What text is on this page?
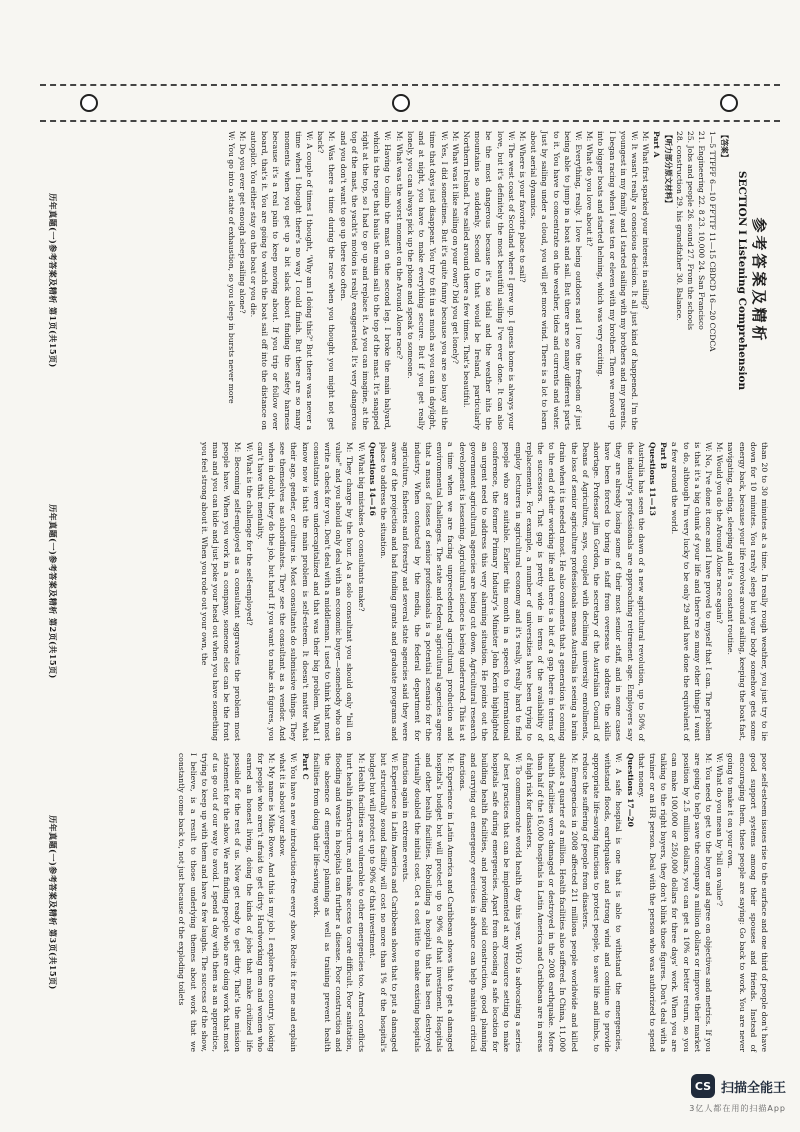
参考答案及精析
SECTION I Listening Comprehension

【答案】

1—5 TTFFF 6—10 FFTTF 11—15 CBDCD 16—20 CCDCA

21. Engineering 22. 8 23. 10,000 24. San Francisco

25. Jobs and people 26. sound 27. From the schools

28. construction 29. his grandfather 30. Balance.

【听力部分原文材料】

Part A

M: What first sparked your interest in sailing?

W: It wasn't really a conscious decision. It all just kind of happened. I'm the youngest in my family and I started sailing with my brothers and my parents. I began racing when I was ten or eleven with my brother. Then we moved up into bigger boats and started helming, which was very exciting.

M: What do you love about it?

W: Everything, really. I love being outdoors and I love the freedom of just being able to jump in a boat and sail. But there are so many different parts to it. You have to concentrate on the weather, tides and currents and water. Just by sailing under a cloud, you will get more wind. There is a lot to learn about aerial dynamics.

M: Where is your favorite place to sail?

W: The west coast of Scotland where I grew up. I guess home is always your love, but it's definitely the most beautiful sailing I've ever done. It can also be the most dangerous because it's so tidal and the weather hits the mountains so suddenly. Second to that would be Ireland, particularly Northern Ireland. I've sailed around there a few times. That's beautiful.

M: What was it like sailing on your own? Did you get lonely?

W: Yes, I did sometimes. But it's quite funny because you are so busy all the time that days just disappear. You try to fit in as much as you can in daylight, and at night, you have to make everything secure. But if you get really lonely, you can always pick up the phone and speak to someone.

M: What was the worst moment on the Around Alone race?

W: Having to climb the mast on the second leg. I broke the main halyard, which is the rope that hauls the main sail to the top of the mast. It's snapped right at the top, so I had to go up and replace it. As you can imagine, at the top of the mast, the yacht's motion is really exaggerated. It's very dangerous and you don't want to go up there too often.

M: Was there a time during the race when you thought you might not get back?

W: A couple of times I thought, 'Why am I doing this?' But there was never a time when I thought there's no way I could finish. But there are so many moments when you get up a bit slack about finding the safety harness because it's a real pain to keep moving about. If you trip or follow over board, that's it. You are going to watch the boat sail off into the distance on autopilot. You either stay on the boat or you die.

M: Do you ever get enough sleep sailing alone?

W: You go into a state of exhaustion, so you sleep in bursts never more

历年真题(一)参考答案及精析 第1页(共15页)

than 20 to 30 minutes at a time. In really rough weather, you just try to lie down for 10 minutes. You rarely sleep but your body somehow gets some energy back, because your life revolves around sailing, keeping the boat fast, navigating, eating, sleeping and it's a constant routine.

M: Would you do the Around Alone race again?

W: No, I've done it once and I have proved to myself that I can. The problem is that it's a big chunk of your life and there're so many other things I want to do, although I'm very lucky to be only 29 and have done the equivalent of a few around the world.

Part B

Questions 11—13

Australia has seen the dawn of a new agricultural revolution, up to 50% of the industry's professionals are approaching retirement age. Employers say they are already losing some of their most senior staff, and in some cases have been forced to bring in staff from overseas to address the skills shortage. Professor Jim Gordon, the secretary of the Australian Council of Deans of Agriculture, says, coupled with declining university enrollments, the loss of senior agriculture professionals means Australia is seeing a brain drain when it is needed most. He also comments that a generation is coming to the end of their working life and there is a bit of a gap there in terms of the successors. That gap is pretty wide in terms of the availability of replacements. For example, a number of universities have been trying to employ lecturers in agricultural economy and it's really, really hard to find people who are suitable. Earlier this month in a speech to international conference, the former Primary Industry's Minister John Kerin highlighted an urgent need to address this very alarming situation. He points out the government agricultural agencies are being cut down. Agricultural research development is lessening. Agricultural science is being underrated. This is at a time when we are facing unprecedented agricultural production and environmental challenges. The state and federal agricultural agencies agree that a mass of losses of senior professionals is a potential scenario for the industry. When contacted by the media, the federal department for agriculture, fisheries and forestry and several state agencies said they were aware of the projection and had funding grants and graduate programs and place to address the situation.

Questions 14—16

W: What big mistakes do consultants make?

M: They charge by the hour. As a solo consultant you should only "bill on value" and you should only deal with an economic buyer—somebody who can write a check for you. Don't deal with a middleman. I used to think that most consultants were undercapitalized and that was their big problem. What I know now is that the main problem is self-esteem. It doesn't matter what their age, gender, or culture is. Most consultants do submissive things. They see themselves as subordinates. They see the consultant as a vendor. And when in doubt, they do the job, but hard. If you want to make six figures, you can't have that mentality.

W: What is the challenge for the self-employed?

M: Becoming self-employed as a consultant aggravates the problem most people have. When you work in a company, someone else can be the front man and you can hide and just poke your head out when you have something you feel strong about it. When you rode out your own, the

历年真题(一)参考答案及精析 第2页(共15页)

poor self-esteem issues rise to the surface and one third of people don't have good support systems among their spouses and friends. Instead of encouraging them, these people are saying: Go back to work. You are never going to make it on your own.

W: What do you mean by 'bill on value'?

M: You need to get to the buyer and agree on objectives and metrics. If you are going to help save the company a million dollars or improve their market position by 2.5 million dollars, you can get a 10% or better return, so you can make 100,000 or 250,000 dollars for three days' work. When you are talking to the right buyers, they don't blink those figures. Don't deal with a trainer or an HR person. Deal with the person who was authorized to spend that money.

Questions 17—20

W: A safe hospital is one that is able to withstand the emergencies, withstand floods, earthquakes and strong wind and continue to provide appropriate life-saving functions to protect people, to save life and limbs, to reduce the suffering of people from disasters.

M: Emergencies in 2008 affected 211 millions people worldwide and killed almost a quarter of a million. Health facilities also suffered. In China, 11,000 health facilities were damaged or destroyed in the 2008 earthquake. More than half of the 16,000 hospitals in Latin America and Caribbean are in areas of high risk for disasters.

W: To commemorate world health day this year, WHO is advocating a series of best practices that can be implemented at any resource setting to make hospitals safe during emergencies. Apart from choosing a safe location for building health facilities, and providing solid construction, good planning and carrying out emergency exercises in advance can help maintain critical functions.

M: Experience in Latin America and Caribbean shows that to get a damaged hospital's budget but will protect up to 90% of that investment. Hospitals and other health facilities. Rebuilding a hospital that has been destroyed virtually doubled the initial cost. Get a cost little to make existing hospitals function again in extreme events.

W: Experience in Latin America and Caribbean shows that to put a damaged but structurally sound facility will cost no more than 1% of the hospital's budget but will protect up to 90% of that investment.

M: Health facilities are vulnerable to other emergencies too. Armed conflicts hurt health infrastructure, and make access to care difficult. Poor sanitation, flooding and waste in hospitals can further a disease. Poor construction and the absence of emergency planning as well as training prevent health facilities from doing their life-saving work.

Part C

W: You have a new introduction-free every show. Recite it for me and explain what it is about your show.

M: My name is Mike Rowe. And this is my job. I explore the country, looking for people who aren't afraid to get dirty. Hardworking men and women who earned an honest living, doing the kinds of jobs that make civilized life possible for the rest of us. Now get ready to get dirty. That's the mission statement for the show. We are finding people who are doing work that most of us go out of our way to avoid. I spend a day with them as an apprentice, trying to keep up with them and have a few laughs. The success of the show, I believe, is a result to those underlying themes about work that we constantly come back to, not just because of the exploding toilets

历年真题(一)参考答案及精析 第3页(共15页)
CS 扫描全能王
3亿人都在用的扫描App
